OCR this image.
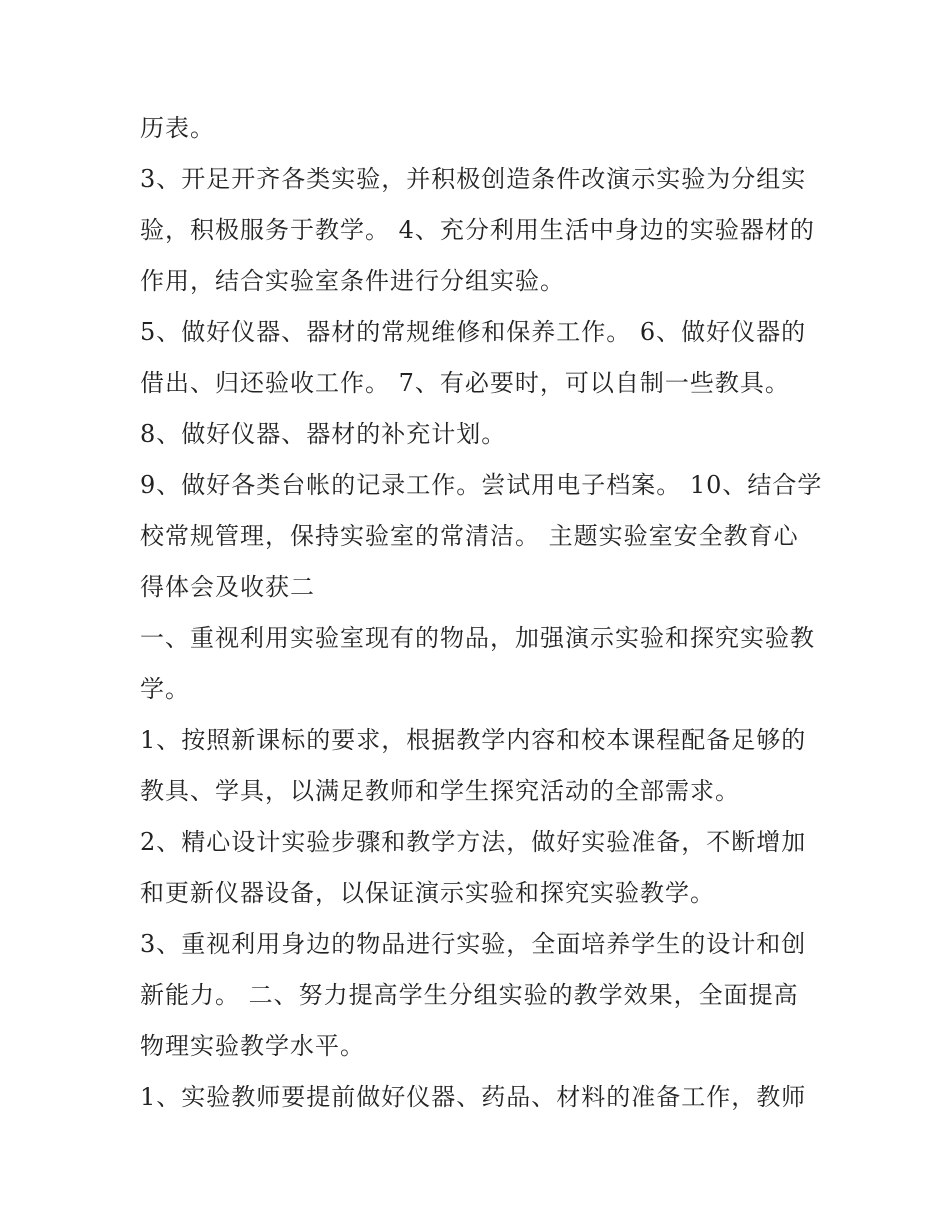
历表。

3、开足开齐各类实验，并积极创造条件改演示实验为分组实

验，积极服务于教学。 4、充分利用生活中身边的实验器材的

作用，结合实验室条件进行分组实验。

5、做好仪器、器材的常规维修和保养工作。 6、做好仪器的

借出、归还验收工作。 7、有必要时，可以自制一些教具。

8、做好仪器、器材的补充计划。

9、做好各类台帐的记录工作。尝试用电子档案。 10、结合学

校常规管理，保持实验室的常清洁。 主题实验室安全教育心

得体会及收获二

一、重视利用实验室现有的物品，加强演示实验和探究实验教

学。

1、按照新课标的要求，根据教学内容和校本课程配备足够的

教具、学具，以满足教师和学生探究活动的全部需求。

2、精心设计实验步骤和教学方法，做好实验准备，不断增加

和更新仪器设备，以保证演示实验和探究实验教学。

3、重视利用身边的物品进行实验，全面培养学生的设计和创

新能力。 二、努力提高学生分组实验的教学效果，全面提高

物理实验教学水平。

1、实验教师要提前做好仪器、药品、材料的准备工作，教师
